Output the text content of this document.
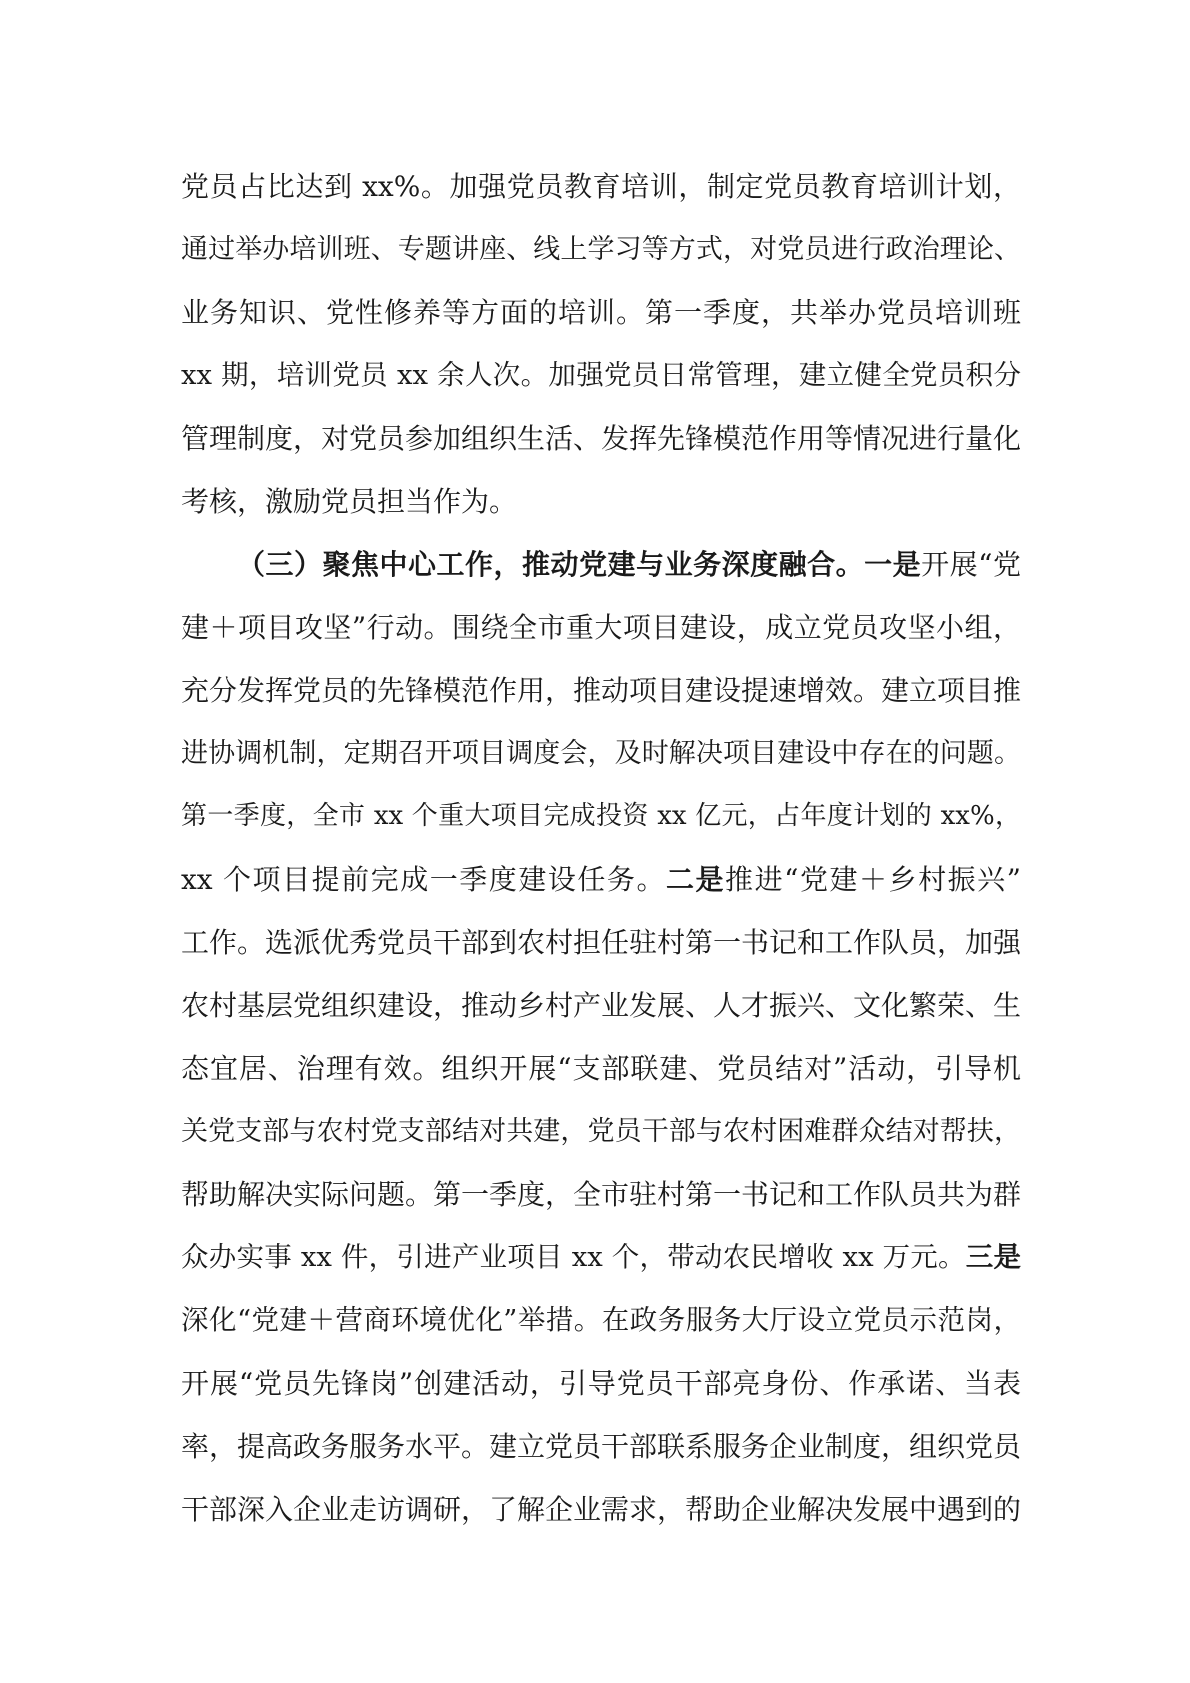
党员占比达到 xx%。加强党员教育培训，制定党员教育培训计划，
通过举办培训班、专题讲座、线上学习等方式，对党员进行政治理论、
业务知识、党性修养等方面的培训。第一季度，共举办党员培训班
xx 期，培训党员 xx 余人次。加强党员日常管理，建立健全党员积分
管理制度，对党员参加组织生活、发挥先锋模范作用等情况进行量化
考核，激励党员担当作为。
（三）聚焦中心工作，推动党建与业务深度融合。一是开展“党
建＋项目攻坚”行动。围绕全市重大项目建设，成立党员攻坚小组，
充分发挥党员的先锋模范作用，推动项目建设提速增效。建立项目推
进协调机制，定期召开项目调度会，及时解决项目建设中存在的问题。
第一季度，全市 xx 个重大项目完成投资 xx 亿元，占年度计划的 xx%，
xx 个项目提前完成一季度建设任务。二是推进“党建＋乡村振兴”
工作。选派优秀党员干部到农村担任驻村第一书记和工作队员，加强
农村基层党组织建设，推动乡村产业发展、人才振兴、文化繁荣、生
态宜居、治理有效。组织开展“支部联建、党员结对”活动，引导机
关党支部与农村党支部结对共建，党员干部与农村困难群众结对帮扶，
帮助解决实际问题。第一季度，全市驻村第一书记和工作队员共为群
众办实事 xx 件，引进产业项目 xx 个，带动农民增收 xx 万元。三是
深化“党建＋营商环境优化”举措。在政务服务大厅设立党员示范岗，
开展“党员先锋岗”创建活动，引导党员干部亮身份、作承诺、当表
率，提高政务服务水平。建立党员干部联系服务企业制度，组织党员
干部深入企业走访调研，了解企业需求，帮助企业解决发展中遇到的
